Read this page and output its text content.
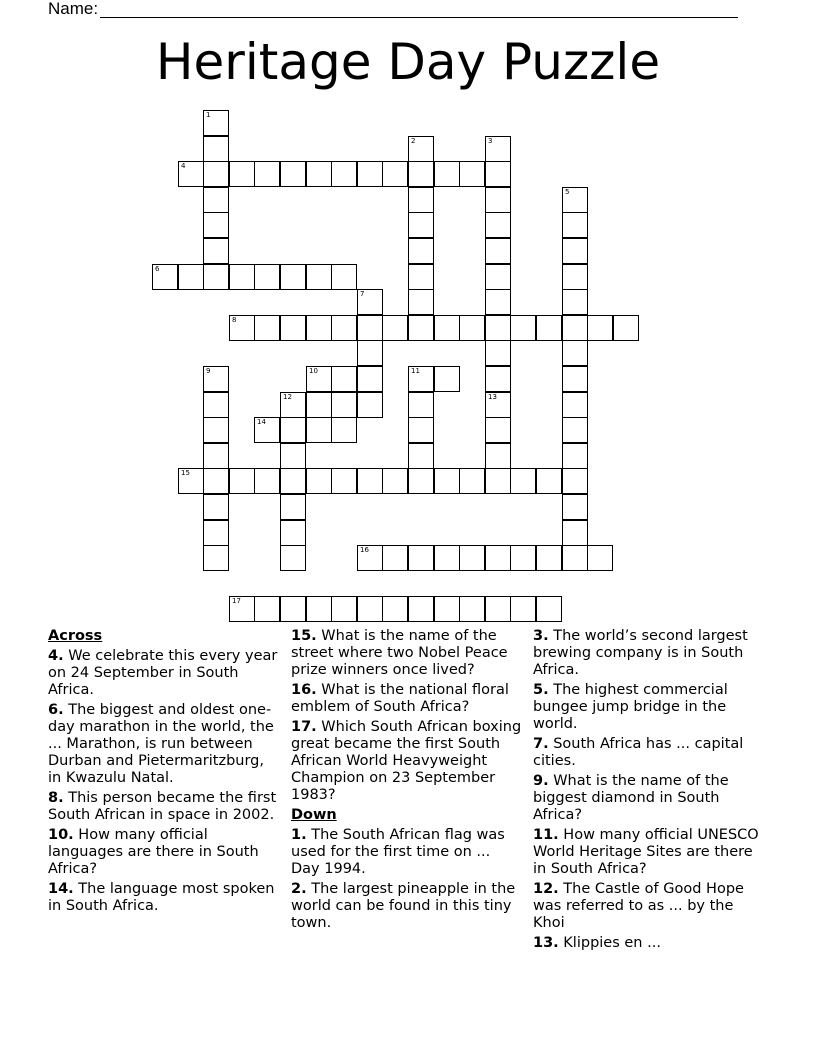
Name:
Heritage Day Puzzle
1
2	3
4
5
6
7
8
9	10	11
12	13
14
15
16
17
Across
4. We celebrate this every year on 24 September in South Africa.
6. The biggest and oldest one-day marathon in the world, the ... Marathon, is run between Durban and Pietermaritzburg, in Kwazulu Natal.
8. This person became the first South African in space in 2002.
10. How many official languages are there in South Africa?
14. The language most spoken in South Africa.
15. What is the name of the street where two Nobel Peace prize winners once lived?
16. What is the national floral emblem of South Africa?
17. Which South African boxing great became the first South African World Heavyweight Champion on 23 September 1983?
Down
1. The South African flag was used for the first time on ... Day 1994.
2. The largest pineapple in the world can be found in this tiny town.
3. The world’s second largest brewing company is in South Africa.
5. The highest commercial bungee jump bridge in the world.
7. South Africa has ... capital cities.
9. What is the name of the biggest diamond in South Africa?
11. How many official UNESCO World Heritage Sites are there in South Africa?
12. The Castle of Good Hope was referred to as ... by the Khoi
13. Klippies en ...
